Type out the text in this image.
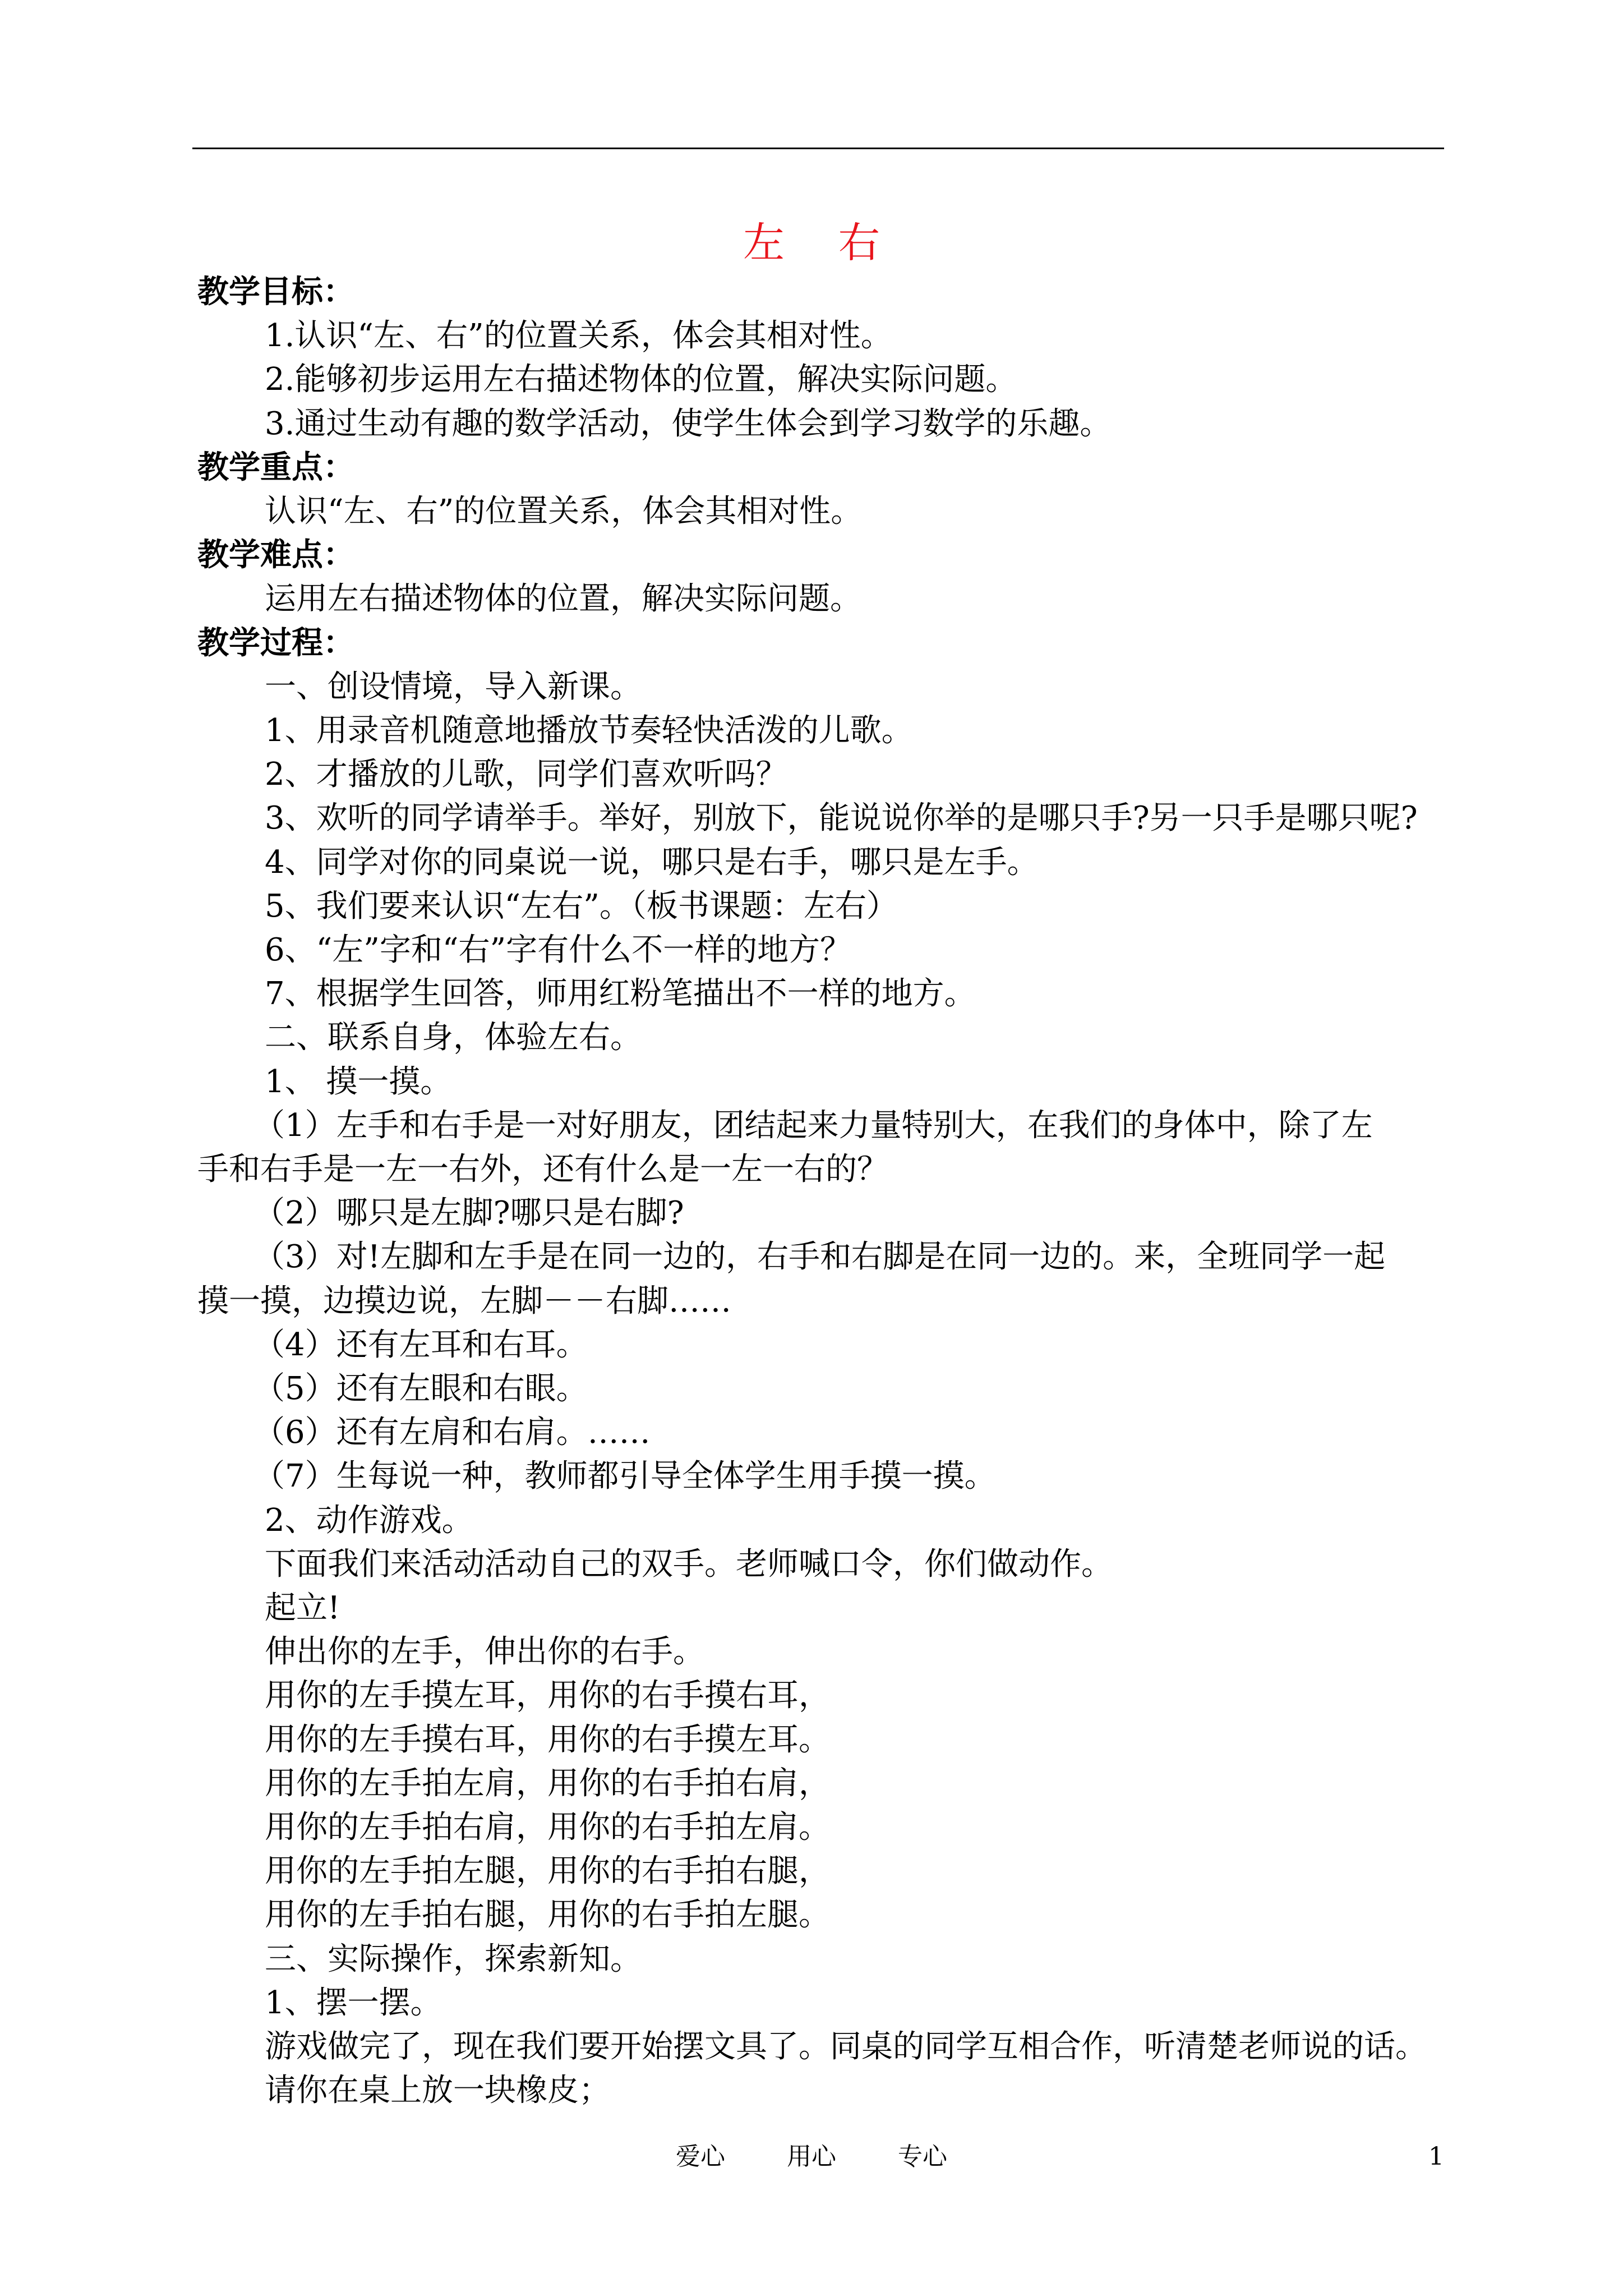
左右
教学目标：
1.认识“左、右”的位置关系，体会其相对性。
2.能够初步运用左右描述物体的位置，解决实际问题。
3.通过生动有趣的数学活动，使学生体会到学习数学的乐趣。
教学重点：
认识“左、右”的位置关系，体会其相对性。
教学难点：
运用左右描述物体的位置，解决实际问题。
教学过程：
一、创设情境，导入新课。
1、用录音机随意地播放节奏轻快活泼的儿歌。
2、才播放的儿歌，同学们喜欢听吗？
3、欢听的同学请举手。举好，别放下，能说说你举的是哪只手?另一只手是哪只呢?
4、同学对你的同桌说一说，哪只是右手，哪只是左手。
5、我们要来认识“左右”。（板书课题：左右）
6、“左”字和“右”字有什么不一样的地方？
7、根据学生回答，师用红粉笔描出不一样的地方。
二、联系自身，体验左右。
1、 摸一摸。
（1）左手和右手是一对好朋友，团结起来力量特别大，在我们的身体中，除了左
手和右手是一左一右外，还有什么是一左一右的？
（2）哪只是左脚?哪只是右脚?
（3）对!左脚和左手是在同一边的，右手和右脚是在同一边的。来，全班同学一起
摸一摸，边摸边说，左脚－－右脚……
（4）还有左耳和右耳。
（5）还有左眼和右眼。
（6）还有左肩和右肩。……
（7）生每说一种，教师都引导全体学生用手摸一摸。
2、动作游戏。
下面我们来活动活动自己的双手。老师喊口令，你们做动作。
起立!
伸出你的左手，伸出你的右手。
用你的左手摸左耳，用你的右手摸右耳，
用你的左手摸右耳，用你的右手摸左耳。
用你的左手拍左肩，用你的右手拍右肩，
用你的左手拍右肩，用你的右手拍左肩。
用你的左手拍左腿，用你的右手拍右腿，
用你的左手拍右腿，用你的右手拍左腿。
三、实际操作，探索新知。
1、摆一摆。
游戏做完了，现在我们要开始摆文具了。同桌的同学互相合作，听清楚老师说的话。
请你在桌上放一块橡皮；
爱心	用心	专心	1
